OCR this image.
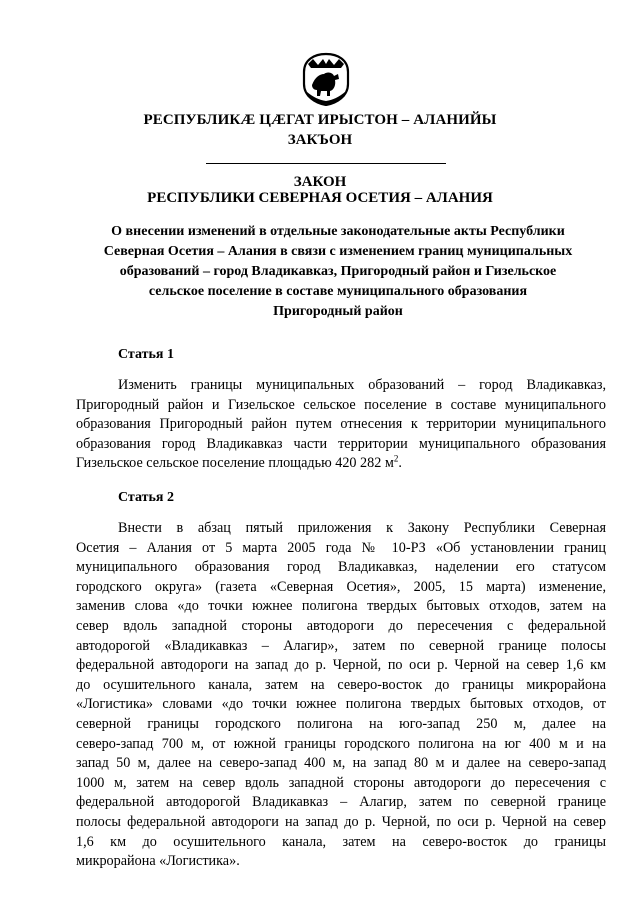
РЕСПУБЛИКÆ ЦÆГАТ ИРЫСТОН – АЛАНИЙЫ
ЗАКЪОН
ЗАКОН
РЕСПУБЛИКИ СЕВЕРНАЯ ОСЕТИЯ – АЛАНИЯ
О внесении изменений в отдельные законодательные акты Республики
Северная Осетия – Алания в связи с изменением границ муниципальных
образований – город Владикавказ, Пригородный район и Гизельское
сельское поселение в составе муниципального образования
Пригородный район
Статья 1
Изменить границы муниципальных образований – город Владикавказ,
Пригородный район и Гизельское сельское поселение в составе муниципального
образования Пригородный район путем отнесения к территории муниципального
образования город Владикавказ части территории муниципального образования
Гизельское сельское поселение площадью 420 282 $м^2$.
Статья 2
Внести в абзац пятый приложения к Закону Республики Северная
Осетия – Алания от 5 марта 2005 года № 10-РЗ «Об установлении границ
муниципального образования город Владикавказ, наделении его статусом
городского округа» (газета «Северная Осетия», 2005, 15 марта) изменение,
заменив слова «до точки южнее полигона твердых бытовых отходов, затем на
север вдоль западной стороны автодороги до пересечения с федеральной
автодорогой «Владикавказ – Алагир», затем по северной границе полосы
федеральной автодороги на запад до р. Черной, по оси р. Черной на север 1,6 км
до осушительного канала, затем на северо-восток до границы микрорайона
«Логистика» словами «до точки южнее полигона твердых бытовых отходов, от
северной границы городского полигона на юго-запад 250 м, далее на
северо-запад 700 м, от южной границы городского полигона на юг 400 м и на
запад 50 м, далее на северо-запад 400 м, на запад 80 м и далее на северо-запад
1000 м, затем на север вдоль западной стороны автодороги до пересечения с
федеральной автодорогой Владикавказ – Алагир, затем по северной границе
полосы федеральной автодороги на запад до р. Черной, по оси р. Черной на север
1,6 км до осушительного канала, затем на северо-восток до границы
микрорайона «Логистика».
